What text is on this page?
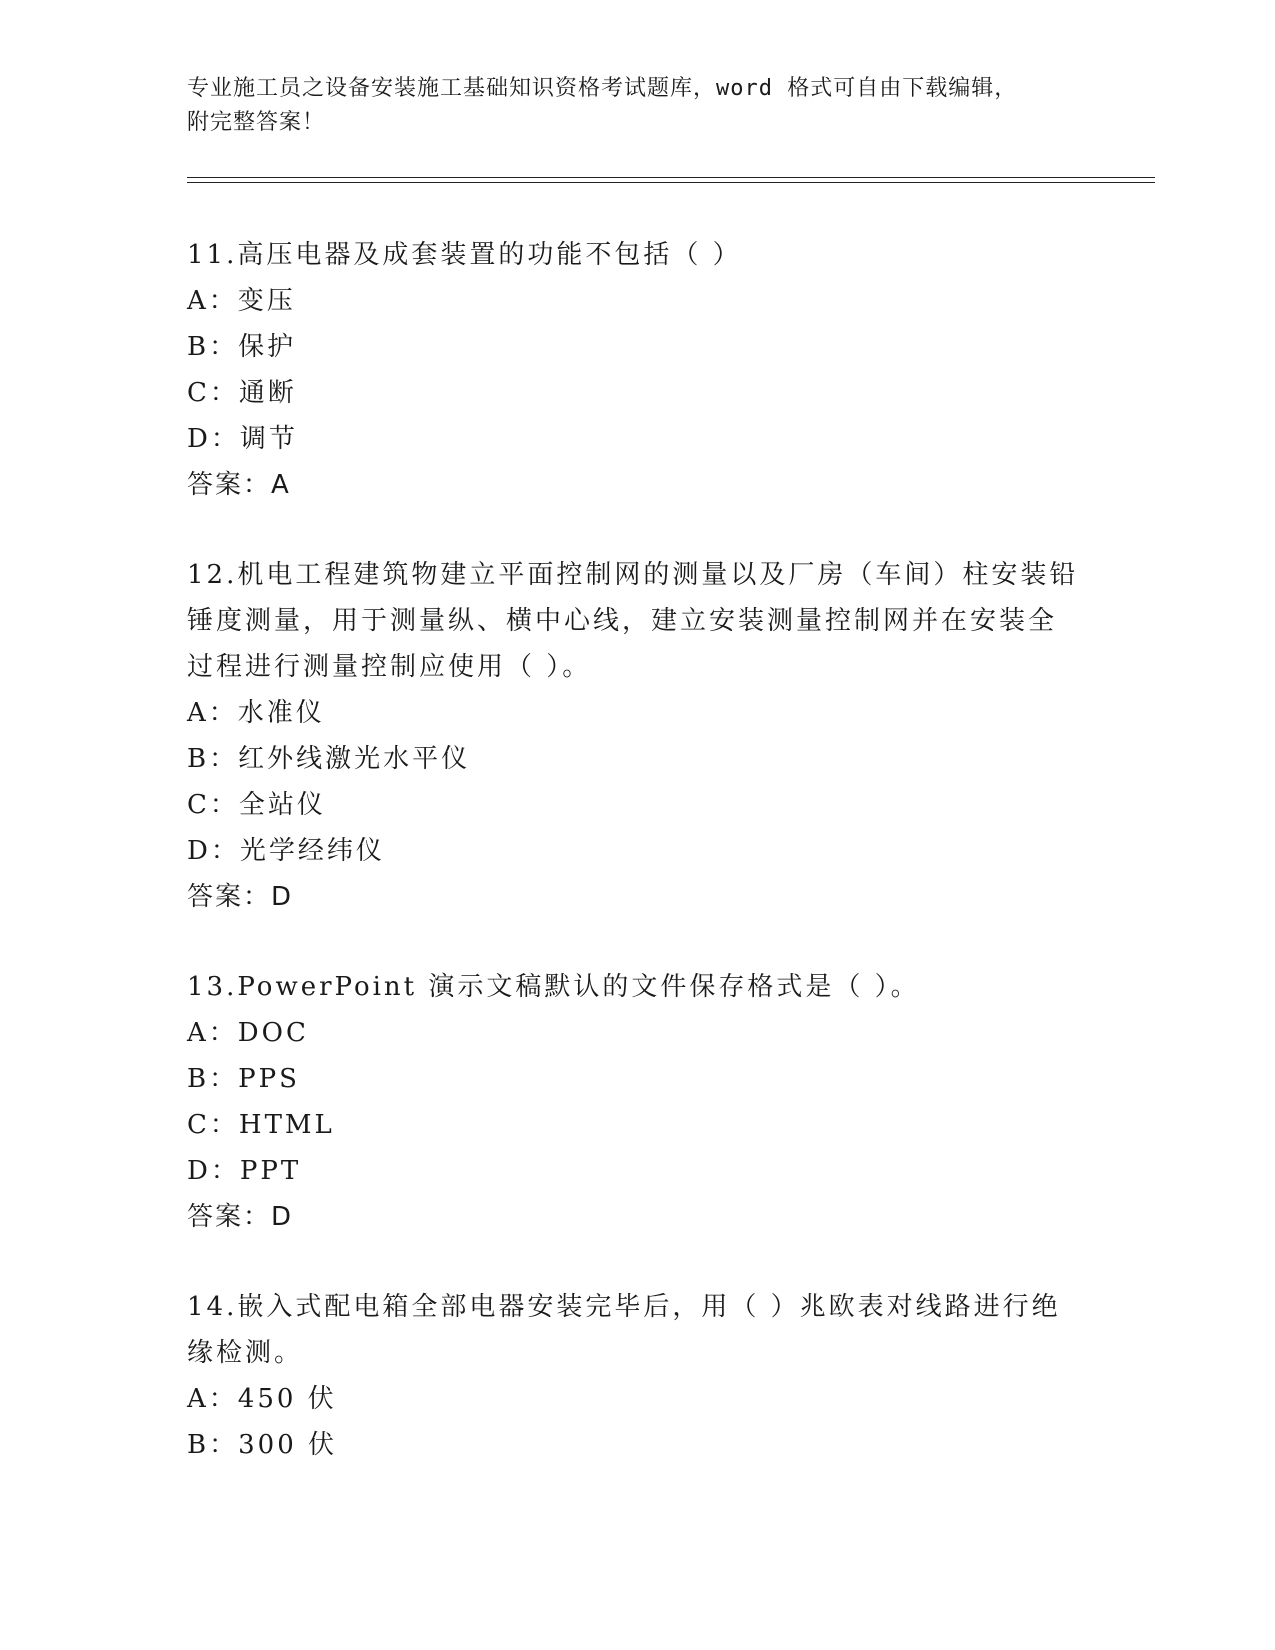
专业施工员之设备安装施工基础知识资格考试题库，word 格式可自由下载编辑，
附完整答案！

11.高压电器及成套装置的功能不包括（ ）

A：变压

B：保护

C：通断

D：调节

答案：A

12.机电工程建筑物建立平面控制网的测量以及厂房（车间）柱安装铅

锤度测量，用于测量纵、横中心线，建立安装测量控制网并在安装全

过程进行测量控制应使用（ ）。

A：水准仪

B：红外线激光水平仪

C：全站仪

D：光学经纬仪

答案：D

13.PowerPoint 演示文稿默认的文件保存格式是（ ）。

A：DOC

B：PPS

C：HTML

D：PPT

答案：D

14.嵌入式配电箱全部电器安装完毕后，用（ ）兆欧表对线路进行绝

缘检测。

A：450 伏

B：300 伏
